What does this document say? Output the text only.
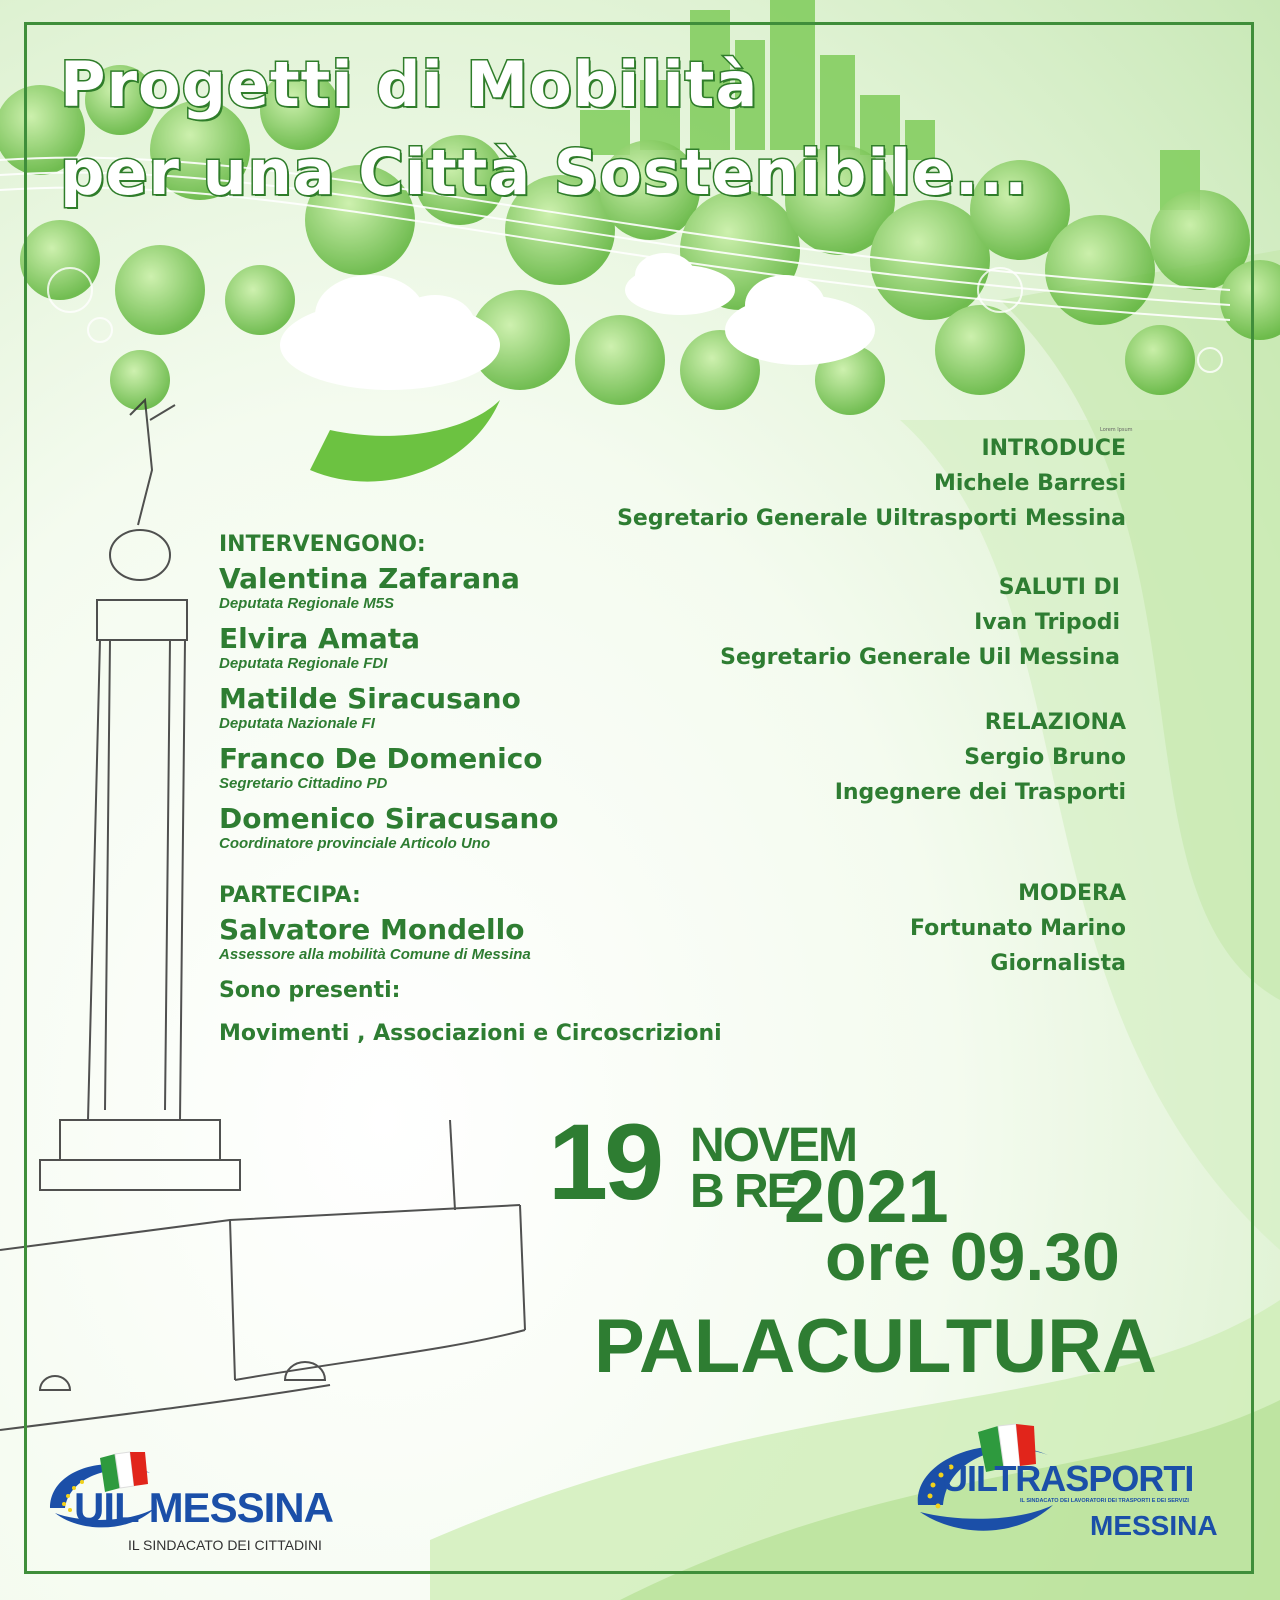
Progetti di Mobilità
per una Città Sostenibile...
Lorem Ipsum
INTERVENGONO:
Valentina Zafarana
Deputata Regionale M5S
Elvira Amata
Deputata Regionale FDI
Matilde Siracusano
Deputata Nazionale FI
Franco De Domenico
Segretario Cittadino PD
Domenico Siracusano
Coordinatore provinciale Articolo Uno
PARTECIPA:
Salvatore Mondello
Assessore alla mobilità Comune di Messina
Sono presenti:
Movimenti , Associazioni e Circoscrizioni
INTRODUCE
Michele Barresi
Segretario Generale Uiltrasporti Messina
SALUTI DI
Ivan Tripodi
Segretario Generale Uil Messina
RELAZIONA
Sergio Bruno
Ingegnere dei Trasporti
MODERA
Fortunato Marino
Giornalista
19 NOVEM
B RE
2021
ore 09.30
PALACULTURA
UIL MESSINA
IL SINDACATO DEI CITTADINI
UILTRASPORTI
IL SINDACATO DEI LAVORATORI DEI TRASPORTI E DEI SERVIZI
MESSINA
